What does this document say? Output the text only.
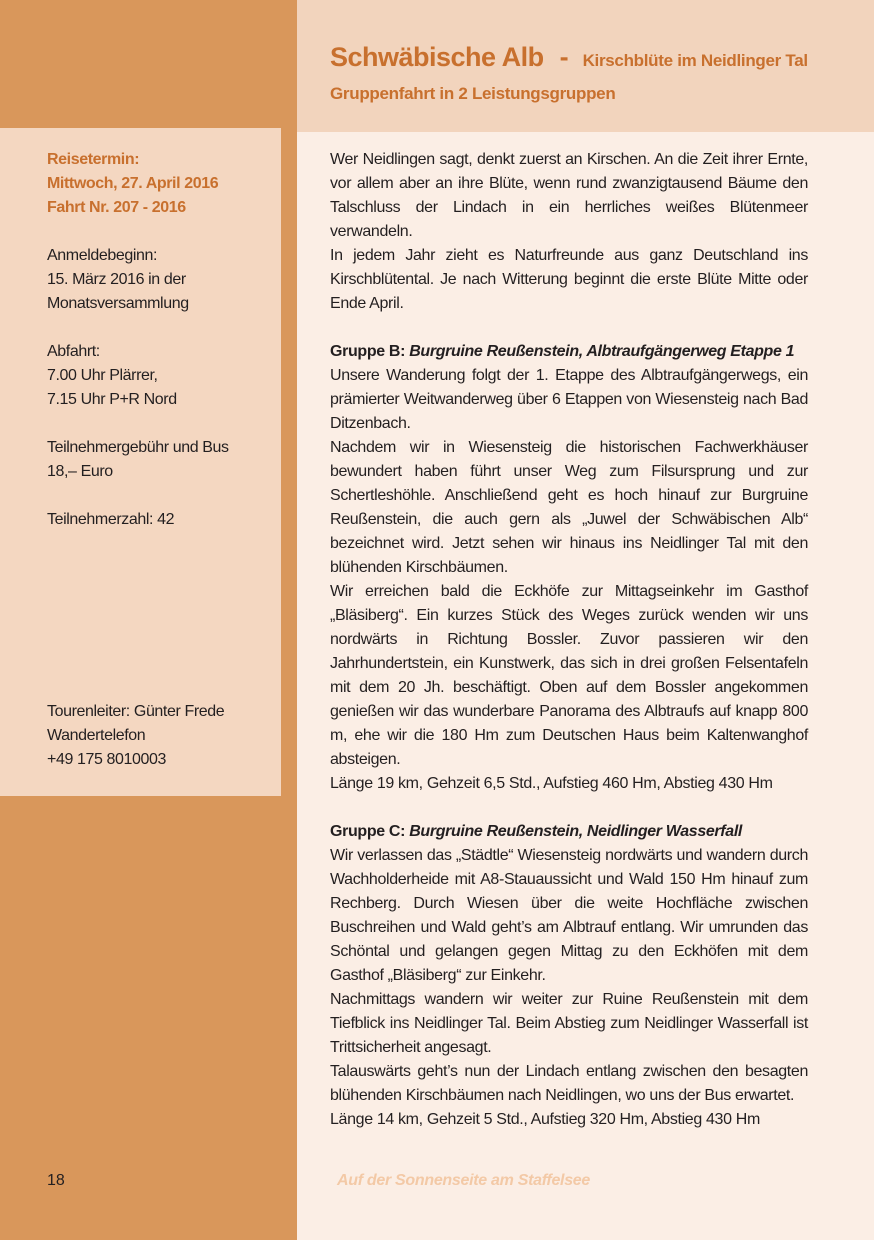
Schwäbische Alb - Kirschblüte im Neidlinger Tal
Gruppenfahrt in 2 Leistungsgruppen
Reisetermin:
Mittwoch, 27. April 2016
Fahrt Nr. 207 - 2016
Anmeldebeginn:
15. März 2016 in der
Monatsversammlung
Abfahrt:
7.00 Uhr Plärrer,
7.15 Uhr P+R Nord
Teilnehmergebühr und Bus
18,– Euro
Teilnehmerzahl: 42
Tourenleiter: Günter Frede
Wandertelefon
+49 175 8010003

Wer Neidlingen sagt, denkt zuerst an Kirschen. An die Zeit ihrer Ernte, vor allem aber an ihre Blüte, wenn rund zwanzigtausend Bäume den Talschluss der Lindach in ein herrliches weißes Blütenmeer verwandeln.

In jedem Jahr zieht es Naturfreunde aus ganz Deutschland ins Kirschblütental. Je nach Witterung beginnt die erste Blüte Mitte oder Ende April.

Gruppe B: Burgruine Reußenstein, Albtraufgängerweg Etappe 1

Unsere Wanderung folgt der 1. Etappe des Albtraufgängerwegs, ein prämierter Weitwanderweg über 6 Etappen von Wiesensteig nach Bad Ditzenbach.

Nachdem wir in Wiesensteig die historischen Fachwerkhäuser bewundert haben führt unser Weg zum Filsursprung und zur Schertleshöhle. Anschließend geht es hoch hinauf zur Burgruine Reußenstein, die auch gern als „Juwel der Schwäbischen Alb“ bezeichnet wird. Jetzt sehen wir hinaus ins Neidlinger Tal mit den blühenden Kirschbäumen.

Wir erreichen bald die Eckhöfe zur Mittagseinkehr im Gasthof „Bläsiberg“. Ein kurzes Stück des Weges zurück wenden wir uns nordwärts in Richtung Bossler. Zuvor passieren wir den Jahrhundertstein, ein Kunstwerk, das sich in drei großen Felsentafeln mit dem 20 Jh. beschäftigt. Oben auf dem Bossler angekommen genießen wir das wunderbare Panorama des Albtraufs auf knapp 800 m, ehe wir die 180 Hm zum Deutschen Haus beim Kaltenwanghof absteigen.

Länge 19 km, Gehzeit 6,5 Std., Aufstieg 460 Hm, Abstieg 430 Hm

Gruppe C: Burgruine Reußenstein, Neidlinger Wasserfall

Wir verlassen das „Städtle“ Wiesensteig nordwärts und wandern durch Wachholderheide mit A8-Stauaussicht und Wald 150 Hm hinauf zum Rechberg. Durch Wiesen über die weite Hochfläche zwischen Buschreihen und Wald geht’s am Albtrauf entlang. Wir umrunden das Schöntal und gelangen gegen Mittag zu den Eckhöfen mit dem Gasthof „Bläsiberg“ zur Einkehr.

Nachmittags wandern wir weiter zur Ruine Reußenstein mit dem Tiefblick ins Neidlinger Tal. Beim Abstieg zum Neidlinger Wasserfall ist Trittsicherheit angesagt.

Talauswärts geht’s nun der Lindach entlang zwischen den besagten blühenden Kirschbäumen nach Neidlingen, wo uns der Bus erwartet.

Länge 14 km, Gehzeit 5 Std., Aufstieg 320 Hm, Abstieg 430 Hm

18	Auf der Sonnenseite am Staffelsee
